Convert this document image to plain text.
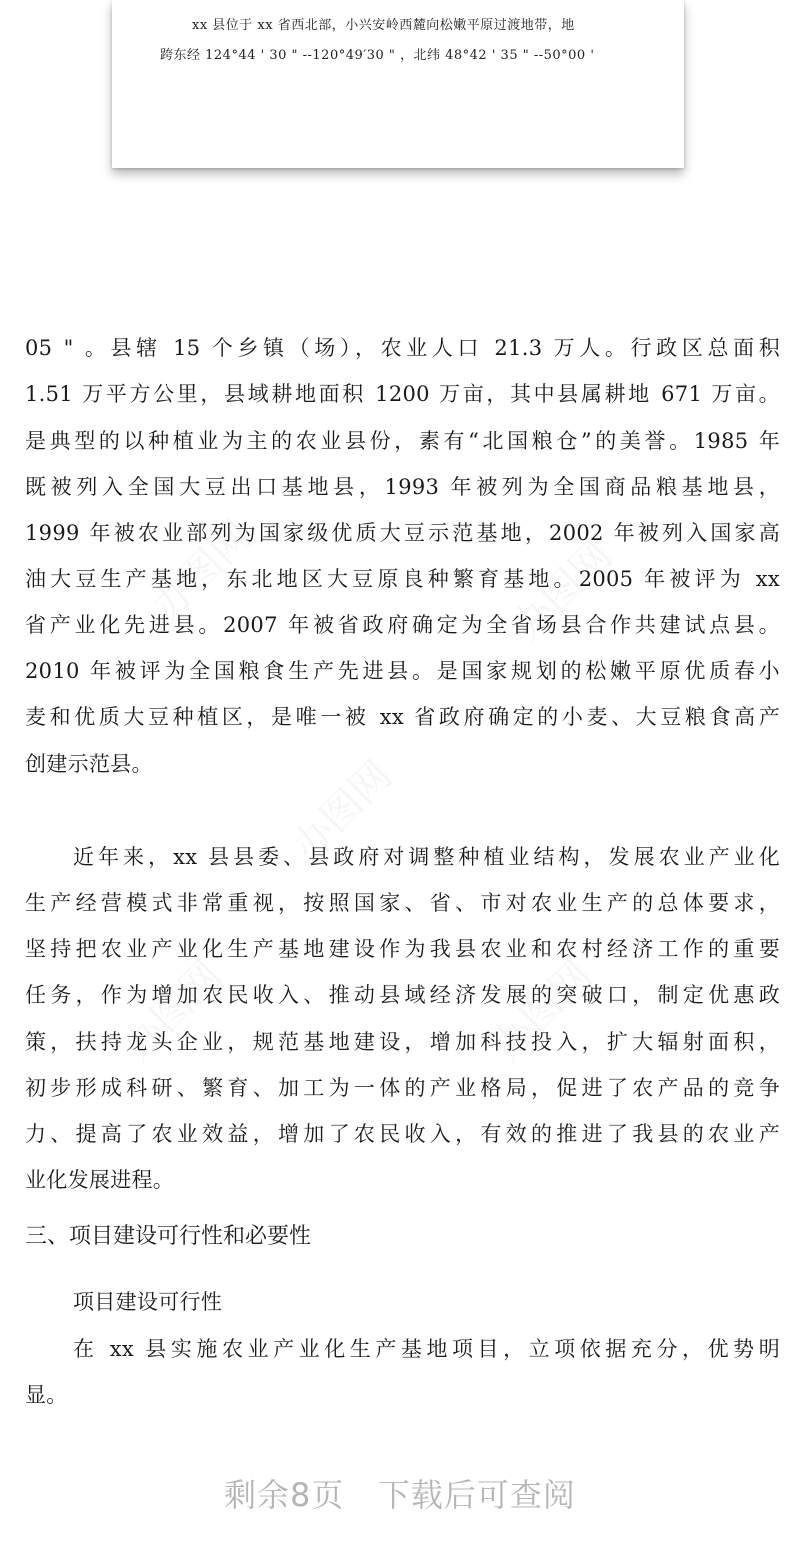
xx 县位于 xx 省西北部，小兴安岭西麓向松嫩平原过渡地带，地
跨东经 124°44 ' 30 " --120°49′30 " ，北纬 48°42 ' 35 " --50°00 '
办图网	办图网
办图网
办图网	办图网
05 " 。县辖 15 个乡镇（场），农业人口 21.3 万人。行政区总面积
1.51 万平方公里，县域耕地面积 1200 万亩，其中县属耕地 671 万亩。
是典型的以种植业为主的农业县份，素有“北国粮仓”的美誉。1985 年
既被列入全国大豆出口基地县，1993 年被列为全国商品粮基地县，
1999 年被农业部列为国家级优质大豆示范基地，2002 年被列入国家高
油大豆生产基地，东北地区大豆原良种繁育基地。2005 年被评为 xx
省产业化先进县。2007 年被省政府确定为全省场县合作共建试点县。
2010 年被评为全国粮食生产先进县。是国家规划的松嫩平原优质春小
麦和优质大豆种植区，是唯一被 xx 省政府确定的小麦、大豆粮食高产
创建示范县。
近年来，xx 县县委、县政府对调整种植业结构，发展农业产业化
生产经营模式非常重视，按照国家、省、市对农业生产的总体要求，
坚持把农业产业化生产基地建设作为我县农业和农村经济工作的重要
任务，作为增加农民收入、推动县域经济发展的突破口，制定优惠政
策，扶持龙头企业，规范基地建设，增加科技投入，扩大辐射面积，
初步形成科研、繁育、加工为一体的产业格局，促进了农产品的竞争
力、提高了农业效益，增加了农民收入，有效的推进了我县的农业产
业化发展进程。
三、项目建设可行性和必要性
项目建设可行性
在 xx 县实施农业产业化生产基地项目，立项依据充分，优势明
显。
剩余8页   下载后可查阅
